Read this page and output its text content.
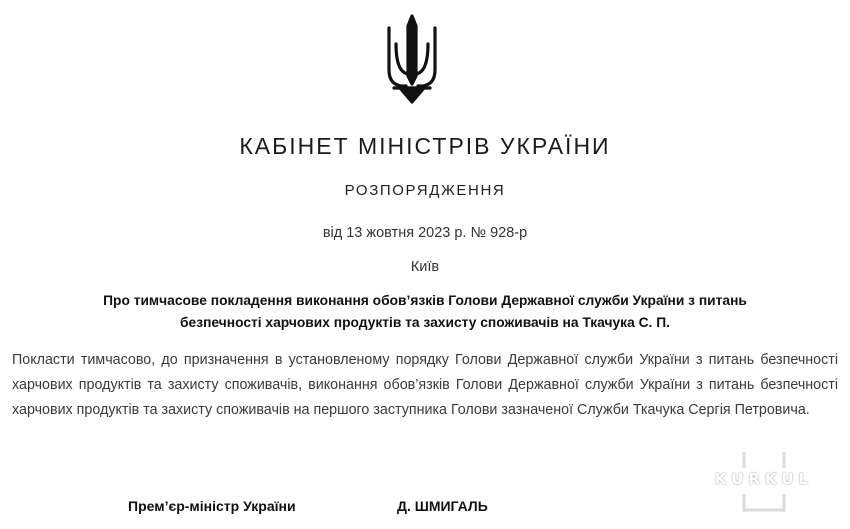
КАБІНЕТ МІНІСТРІВ УКРАЇНИ
РОЗПОРЯДЖЕННЯ
від 13 жовтня 2023 р. № 928-р
Київ
Про тимчасове покладення виконання обов’язків Голови Державної служби України з питань
безпечності харчових продуктів та захисту споживачів на Ткачука С. П.
Покласти тимчасово, до призначення в установленому порядку Голови Державної служби України з питань безпечності харчових продуктів та захисту споживачів, виконання обов’язків Голови Державної служби України з питань безпечності харчових продуктів та захисту споживачів на першого заступника Голови зазначеної Служби Ткачука Сергія Петровича.
Прем’єр-міністр України	Д. ШМИГАЛЬ
KURKUL
